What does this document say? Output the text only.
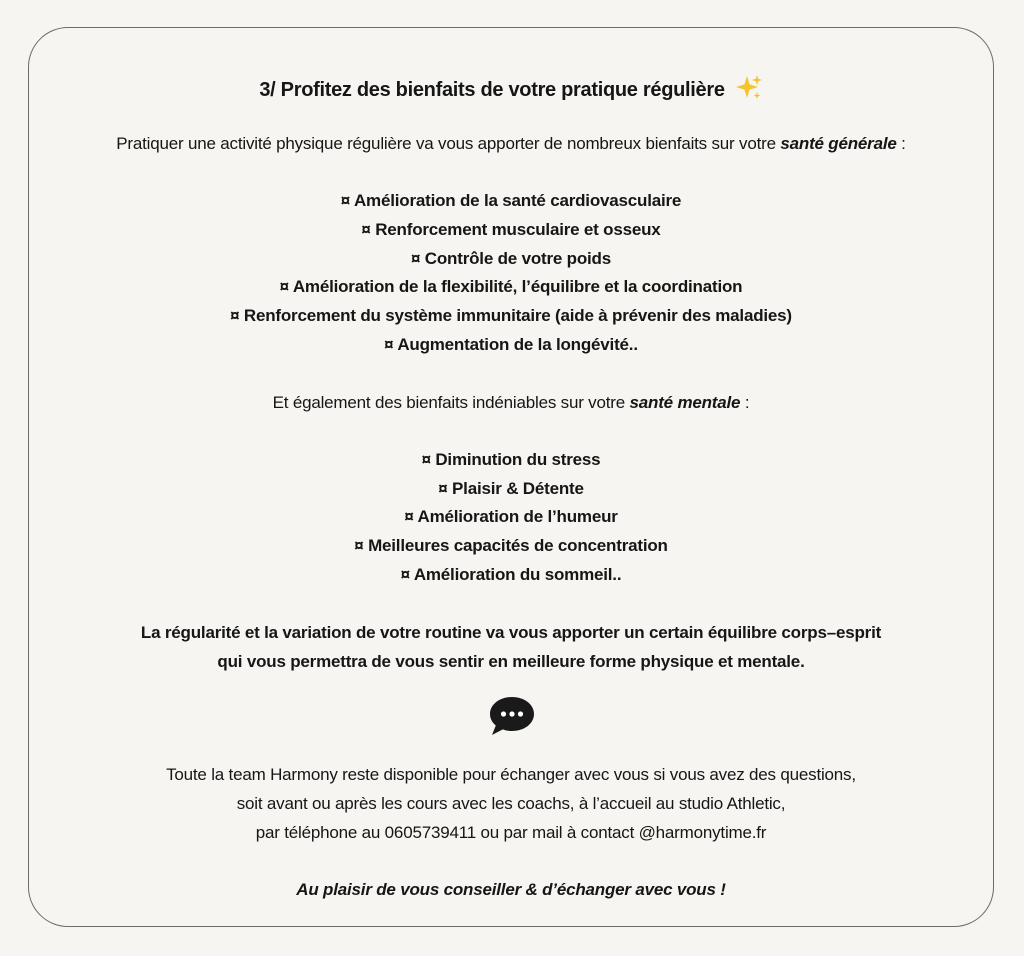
3/ Profitez des bienfaits de votre pratique régulière
Pratiquer une activité physique régulière va vous apporter de nombreux bienfaits sur votre santé générale :
¤ Amélioration de la santé cardiovasculaire
¤ Renforcement musculaire et osseux
¤ Contrôle de votre poids
¤ Amélioration de la flexibilité, l’équilibre et la coordination
¤ Renforcement du système immunitaire (aide à prévenir des maladies)
¤ Augmentation de la longévité..
Et également des bienfaits indéniables sur votre santé mentale :
¤ Diminution du stress
¤ Plaisir & Détente
¤ Amélioration de l’humeur
¤ Meilleures capacités de concentration
¤ Amélioration du sommeil..
La régularité et la variation de votre routine va vous apporter un certain équilibre corps–esprit
qui vous permettra de vous sentir en meilleure forme physique et mentale.
Toute la team Harmony reste disponible pour échanger avec vous si vous avez des questions,
soit avant ou après les cours avec les coachs, à l’accueil au studio Athletic,
par téléphone au 0605739411 ou par mail à contact @harmonytime.fr
Au plaisir de vous conseiller & d’échanger avec vous !
